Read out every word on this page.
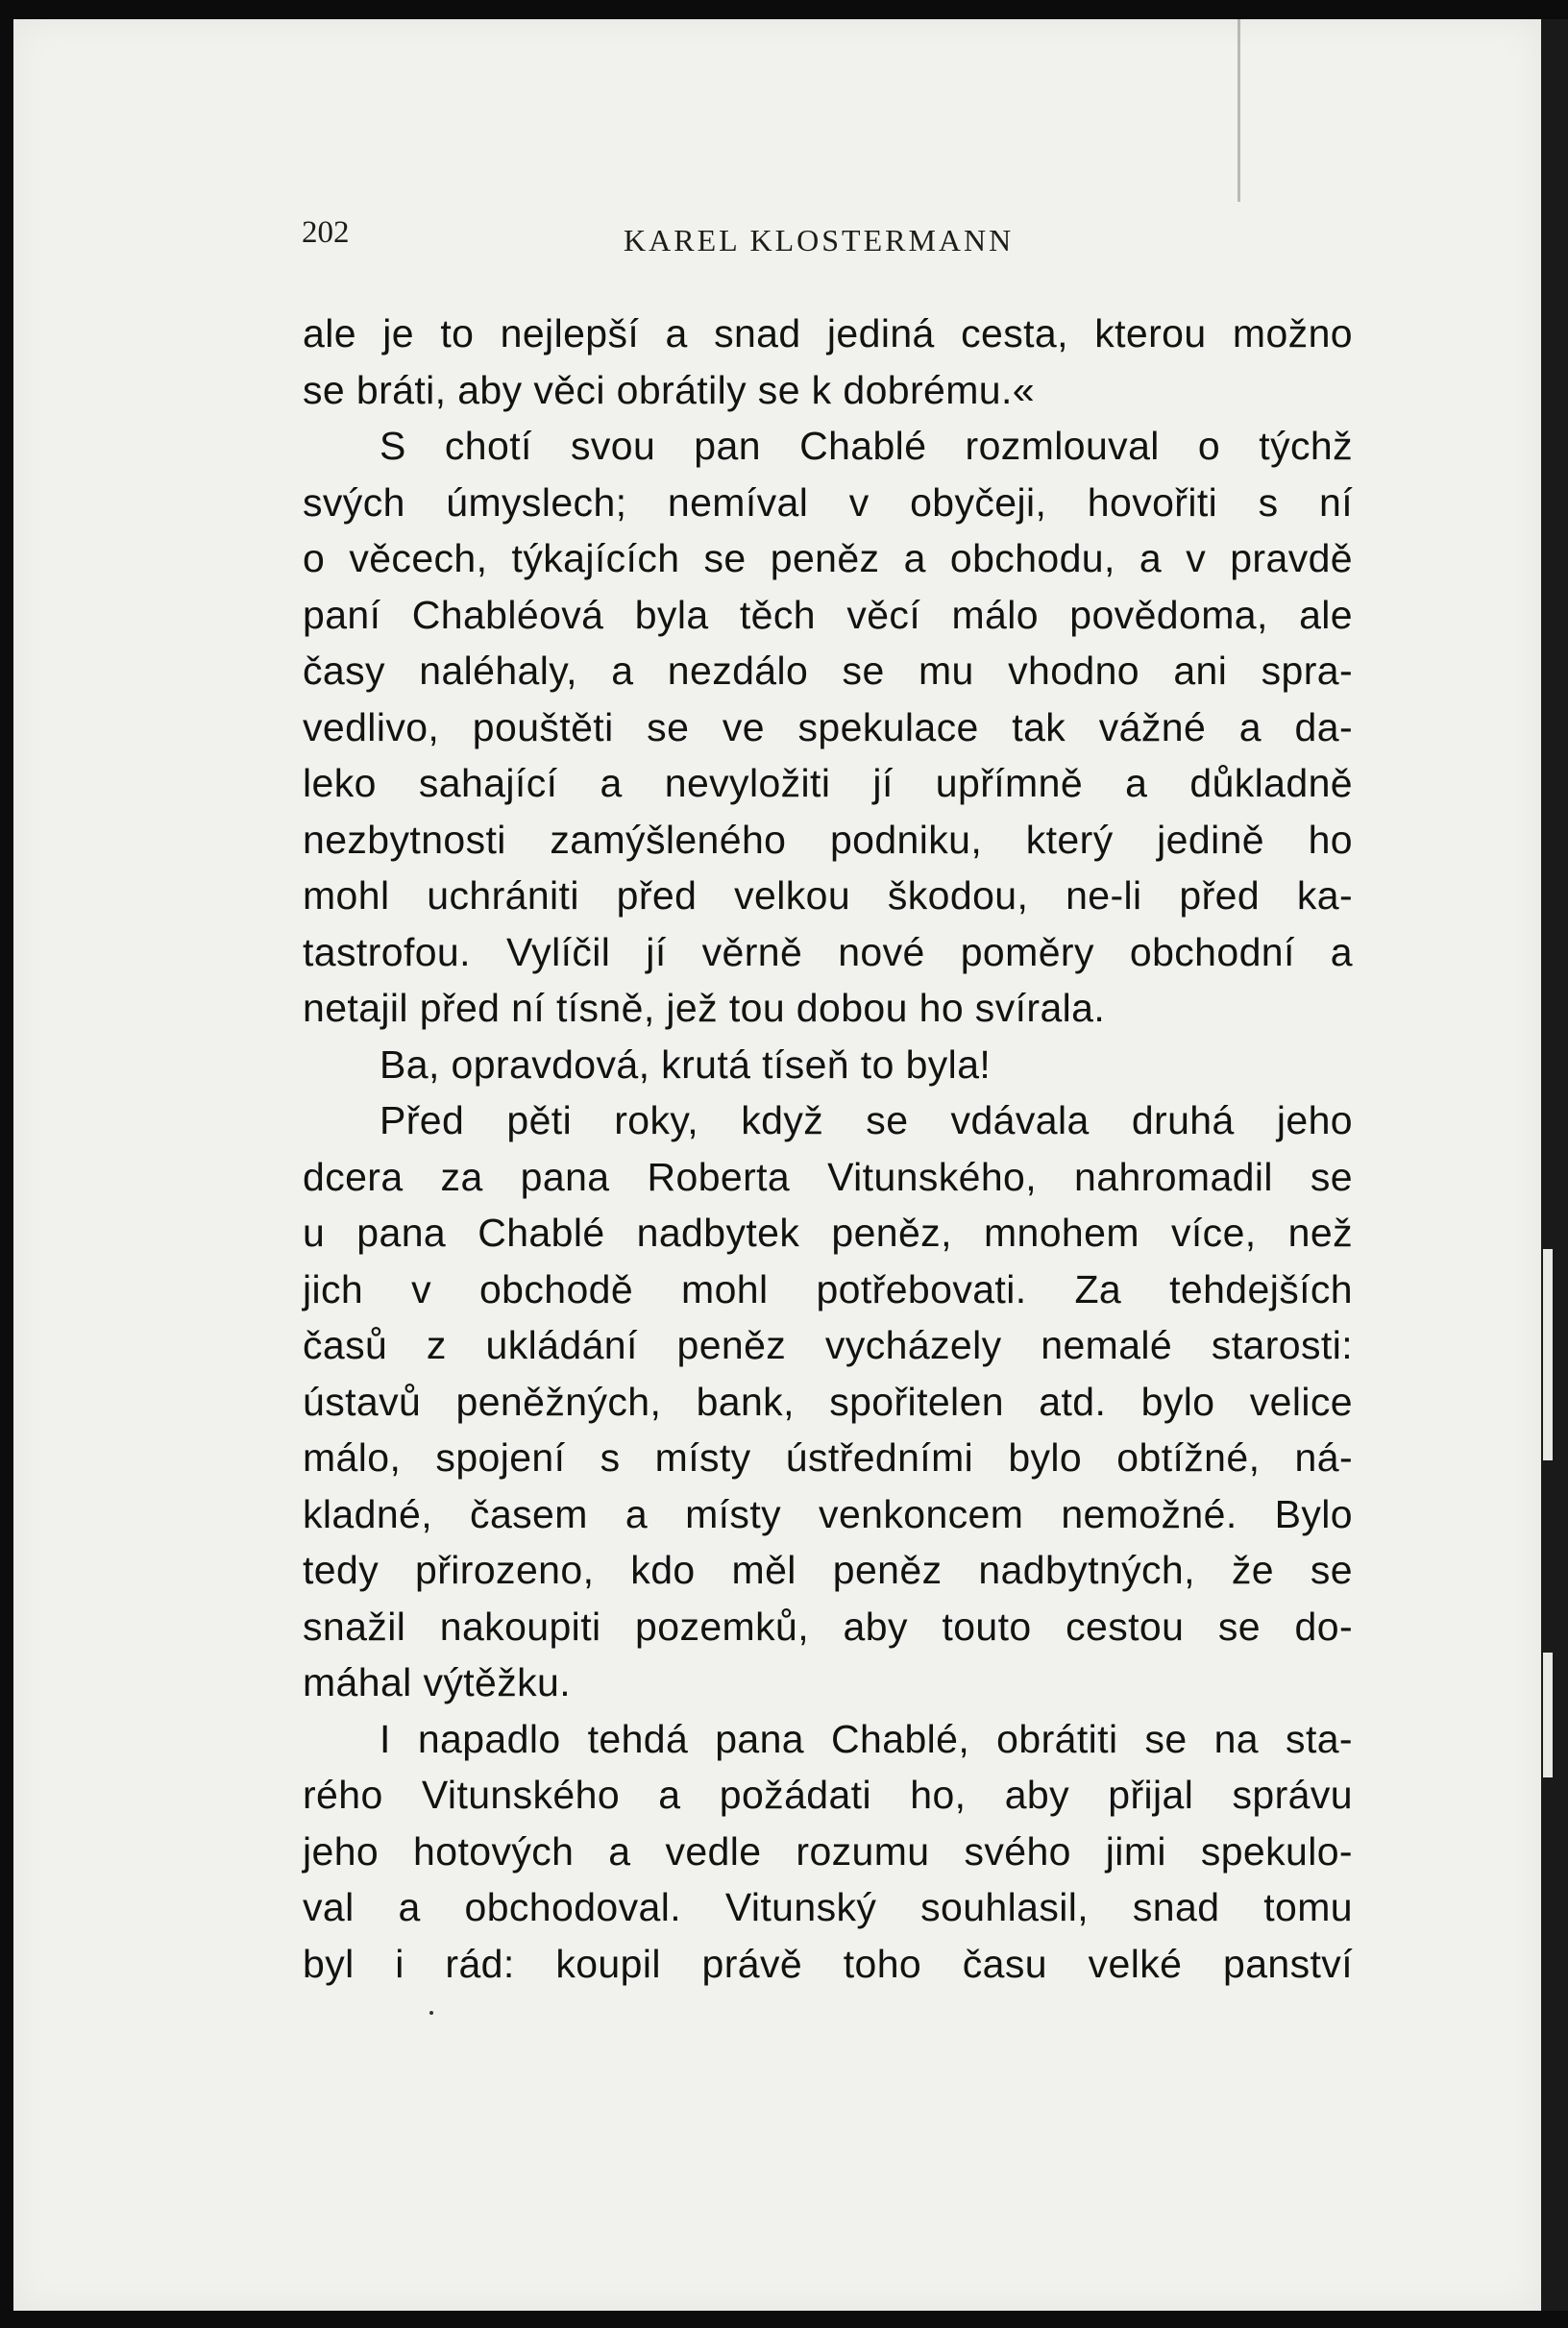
202	KAREL KLOSTERMANN
ale je to nejlepší a snad jediná cesta, kterou možno
se bráti, aby věci obrátily se k dobrému.«
S chotí svou pan Chablé rozmlouval o týchž
svých úmyslech; nemíval v obyčeji, hovořiti s ní
o věcech, týkajících se peněz a obchodu, a v pravdě
paní Chabléová byla těch věcí málo povědoma, ale
časy naléhaly, a nezdálo se mu vhodno ani spra-
vedlivo, pouštěti se ve spekulace tak vážné a da-
leko sahající a nevyložiti jí upřímně a důkladně
nezbytnosti zamýšleného podniku, který jedině ho
mohl uchrániti před velkou škodou, ne-li před ka-
tastrofou. Vylíčil jí věrně nové poměry obchodní a
netajil před ní tísně, jež tou dobou ho svírala.
Ba, opravdová, krutá tíseň to byla!
Před pěti roky, když se vdávala druhá jeho
dcera za pana Roberta Vitunského, nahromadil se
u pana Chablé nadbytek peněz, mnohem více, než
jich v obchodě mohl potřebovati. Za tehdejších
časů z ukládání peněz vycházely nemalé starosti:
ústavů peněžných, bank, spořitelen atd. bylo velice
málo, spojení s místy ústředními bylo obtížné, ná-
kladné, časem a místy venkoncem nemožné. Bylo
tedy přirozeno, kdo měl peněz nadbytných, že se
snažil nakoupiti pozemků, aby touto cestou se do-
máhal výtěžku.
I napadlo tehdá pana Chablé, obrátiti se na sta-
rého Vitunského a požádati ho, aby přijal správu
jeho hotových a vedle rozumu svého jimi spekulo-
val a obchodoval. Vitunský souhlasil, snad tomu
byl i rád: koupil právě toho času velké panství
